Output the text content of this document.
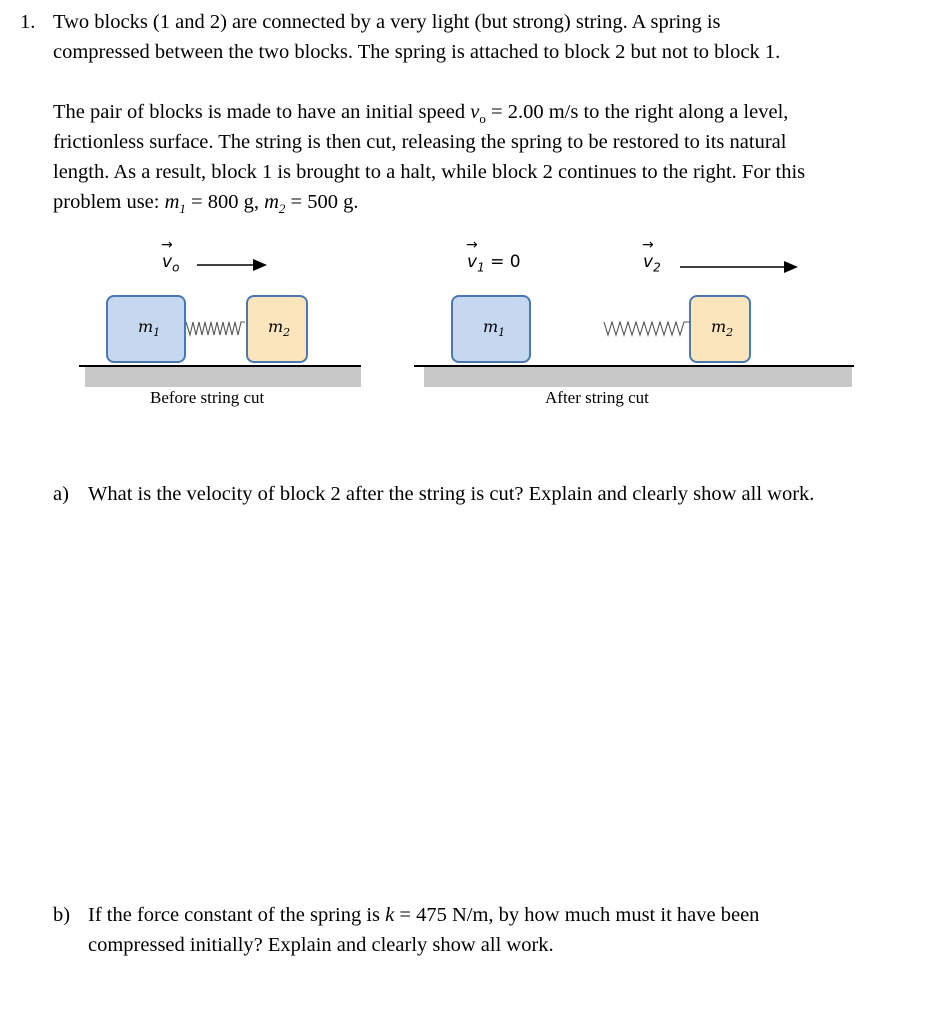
1. Two blocks (1 and 2) are connected by a very light (but strong) string. A spring is
compressed between the two blocks. The spring is attached to block 2 but not to block 1.
The pair of blocks is made to have an initial speed $v_o = 2.00$ m/s to the right along a level,
frictionless surface. The string is then cut, releasing the spring to be restored to its natural
length. As a result, block 1 is brought to a halt, while block 2 continues to the right. For this
problem use: $m_1 = 800$ g, $m_2 = 500$ g.
→
$v_o$
$m_1$	$m_2$
Before string cut
→
$v_1 = 0$
→
$v_2$
$m_1$	$m_2$
After string cut
a) What is the velocity of block 2 after the string is cut? Explain and clearly show all work.
b) If the force constant of the spring is k = 475 N/m, by how much must it have been
compressed initially? Explain and clearly show all work.
